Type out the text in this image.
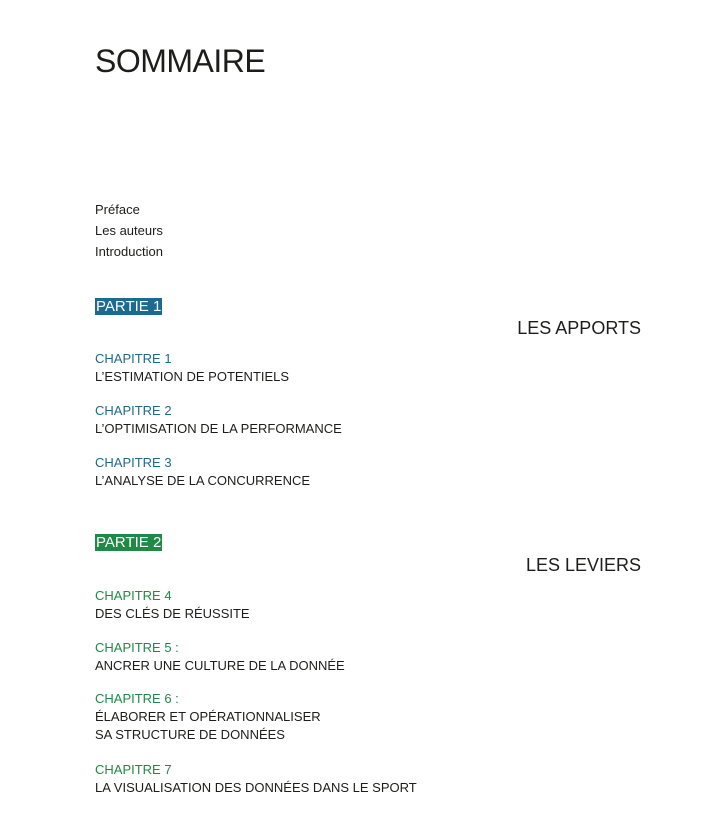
SOMMAIRE
Préface
Les auteurs
Introduction
PARTIE 1
LES APPORTS
CHAPITRE 1
L’ESTIMATION DE POTENTIELS
CHAPITRE 2
L’OPTIMISATION DE LA PERFORMANCE
CHAPITRE 3
L’ANALYSE DE LA CONCURRENCE
PARTIE 2
LES LEVIERS
CHAPITRE 4
DES CLÉS DE RÉUSSITE
CHAPITRE 5 :
ANCRER UNE CULTURE DE LA DONNÉE
CHAPITRE 6 :
ÉLABORER ET OPÉRATIONNALISER
SA STRUCTURE DE DONNÉES
CHAPITRE 7
LA VISUALISATION DES DONNÉES DANS LE SPORT
